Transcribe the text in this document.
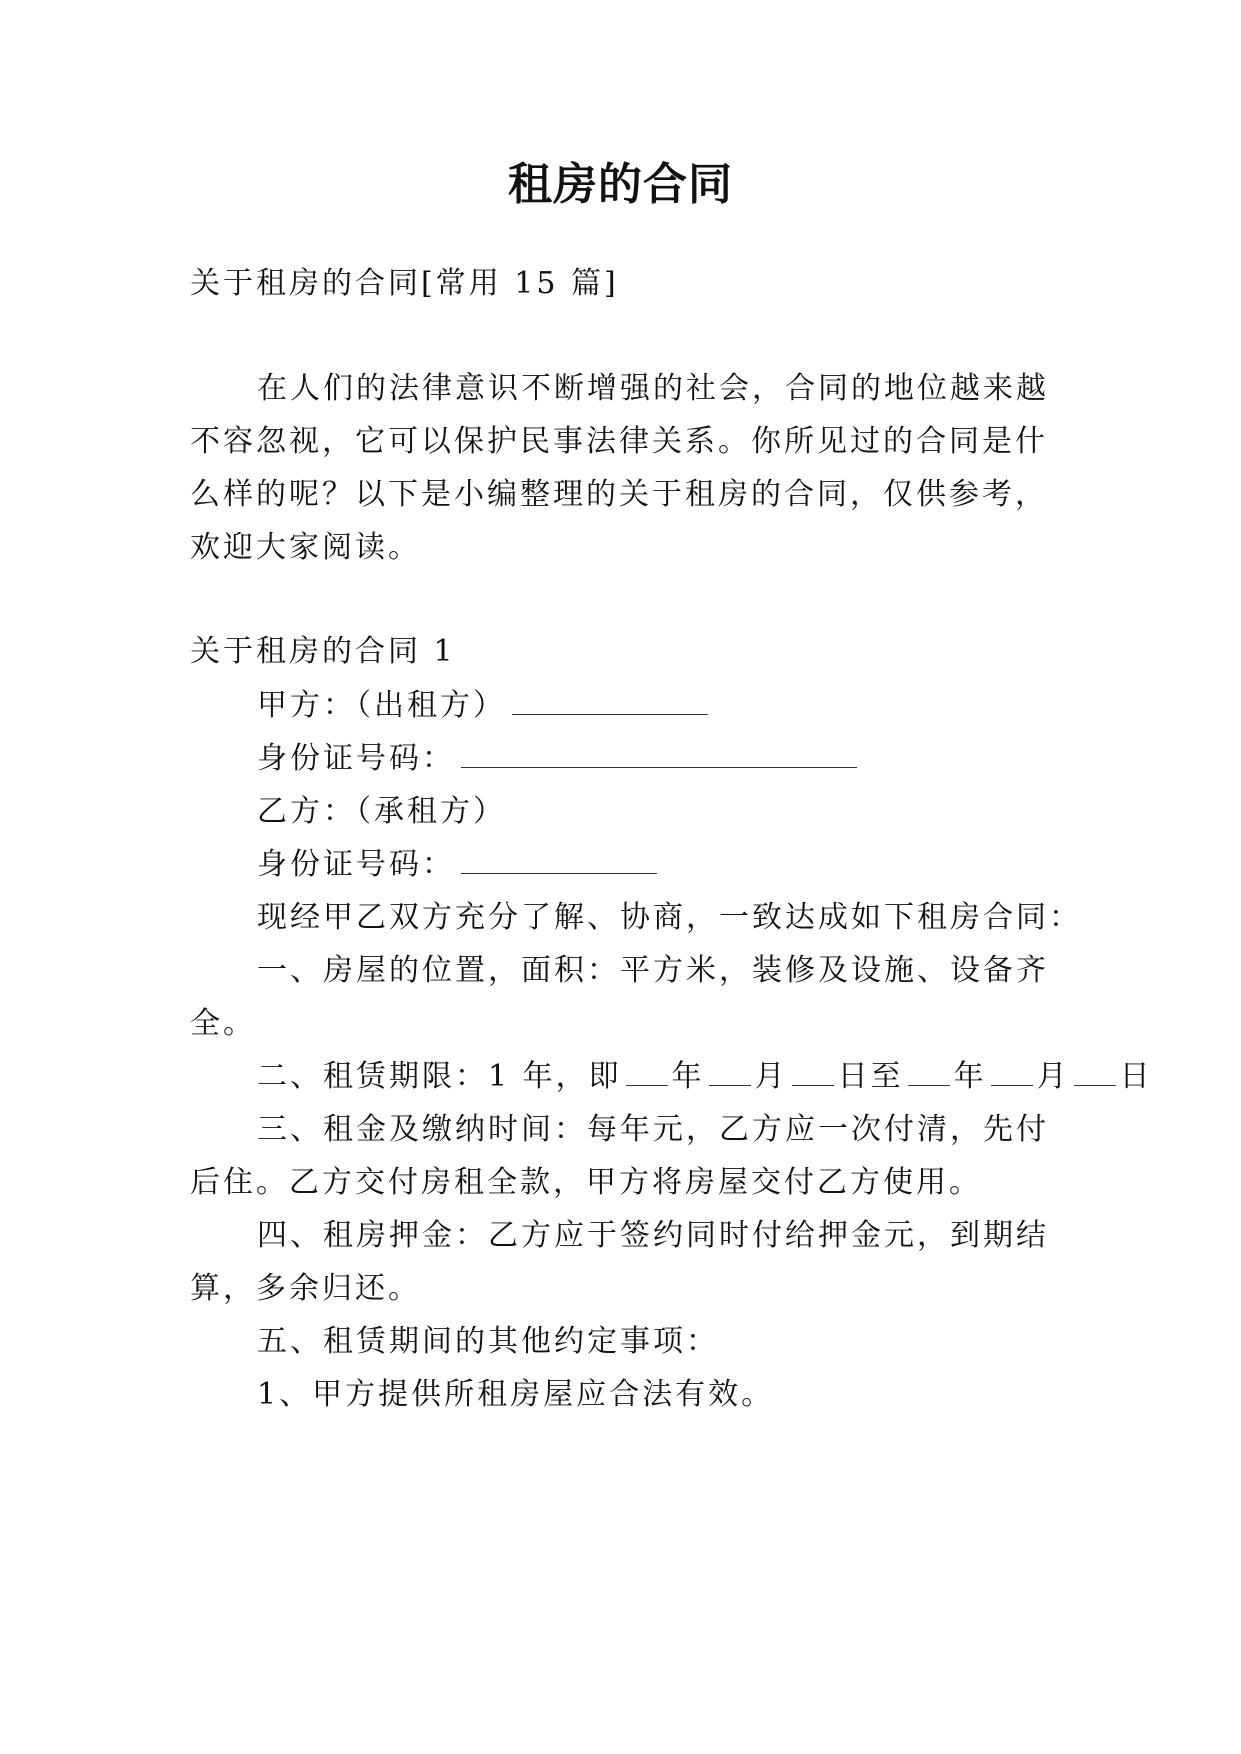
租房的合同
关于租房的合同[常用 15 篇]
在人们的法律意识不断增强的社会，合同的地位越来越
不容忽视，它可以保护民事法律关系。你所见过的合同是什
么样的呢？以下是小编整理的关于租房的合同，仅供参考，
欢迎大家阅读。
关于租房的合同 1
甲方：（出租方）
身份证号码：
乙方：（承租方）
身份证号码：
现经甲乙双方充分了解、协商，一致达成如下租房合同：
一、房屋的位置，面积：平方米，装修及设施、设备齐
全。
二、租赁期限：1 年，即 年 月 日至 年 月 日
三、租金及缴纳时间：每年元，乙方应一次付清，先付
后住。乙方交付房租全款，甲方将房屋交付乙方使用。
四、租房押金：乙方应于签约同时付给押金元，到期结
算，多余归还。
五、租赁期间的其他约定事项：
1、甲方提供所租房屋应合法有效。
